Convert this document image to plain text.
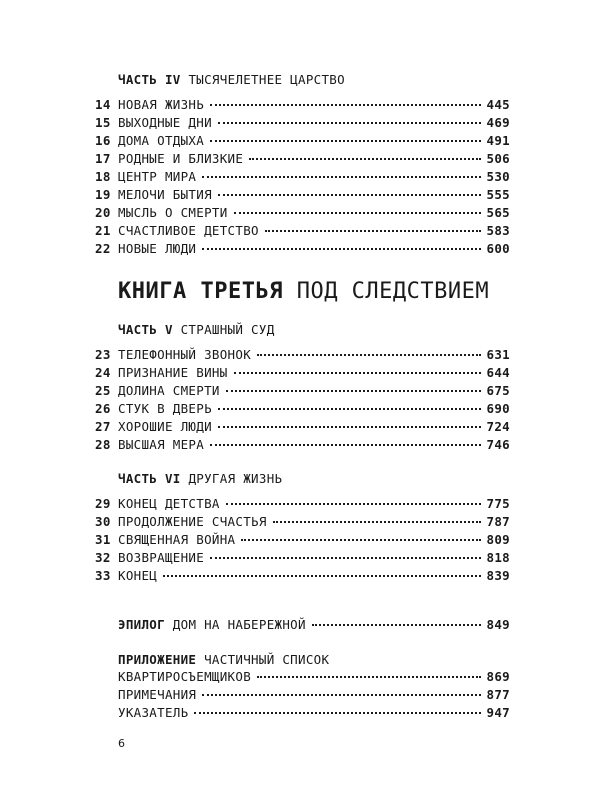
ЧАСТЬ IV ТЫСЯЧЕЛЕТНЕЕ ЦАРСТВО
14 НОВАЯ ЖИЗНЬ	445
15 ВЫХОДНЫЕ ДНИ	469
16 ДОМА ОТДЫХА	491
17 РОДНЫЕ И БЛИЗКИЕ	506
18 ЦЕНТР МИРА	530
19 МЕЛОЧИ БЫТИЯ	555
20 МЫСЛЬ О СМЕРТИ	565
21 СЧАСТЛИВОЕ ДЕТСТВО	583
22 НОВЫЕ ЛЮДИ	600
КНИГА ТРЕТЬЯ ПОД СЛЕДСТВИЕМ
ЧАСТЬ V СТРАШНЫЙ СУД
23 ТЕЛЕФОННЫЙ ЗВОНОК	631
24 ПРИЗНАНИЕ ВИНЫ	644
25 ДОЛИНА СМЕРТИ	675
26 СТУК В ДВЕРЬ	690
27 ХОРОШИЕ ЛЮДИ	724
28 ВЫСШАЯ МЕРА	746
ЧАСТЬ VI ДРУГАЯ ЖИЗНЬ
29 КОНЕЦ ДЕТСТВА	775
30 ПРОДОЛЖЕНИЕ СЧАСТЬЯ	787
31 СВЯЩЕННАЯ ВОЙНА	809
32 ВОЗВРАЩЕНИЕ	818
33 КОНЕЦ	839
ЭПИЛОГ ДОМ НА НАБЕРЕЖНОЙ	849
ПРИЛОЖЕНИЕ ЧАСТИЧНЫЙ СПИСОК
КВАРТИРОСЪЕМЩИКОВ	869
ПРИМЕЧАНИЯ	877
УКАЗАТЕЛЬ	947
6
